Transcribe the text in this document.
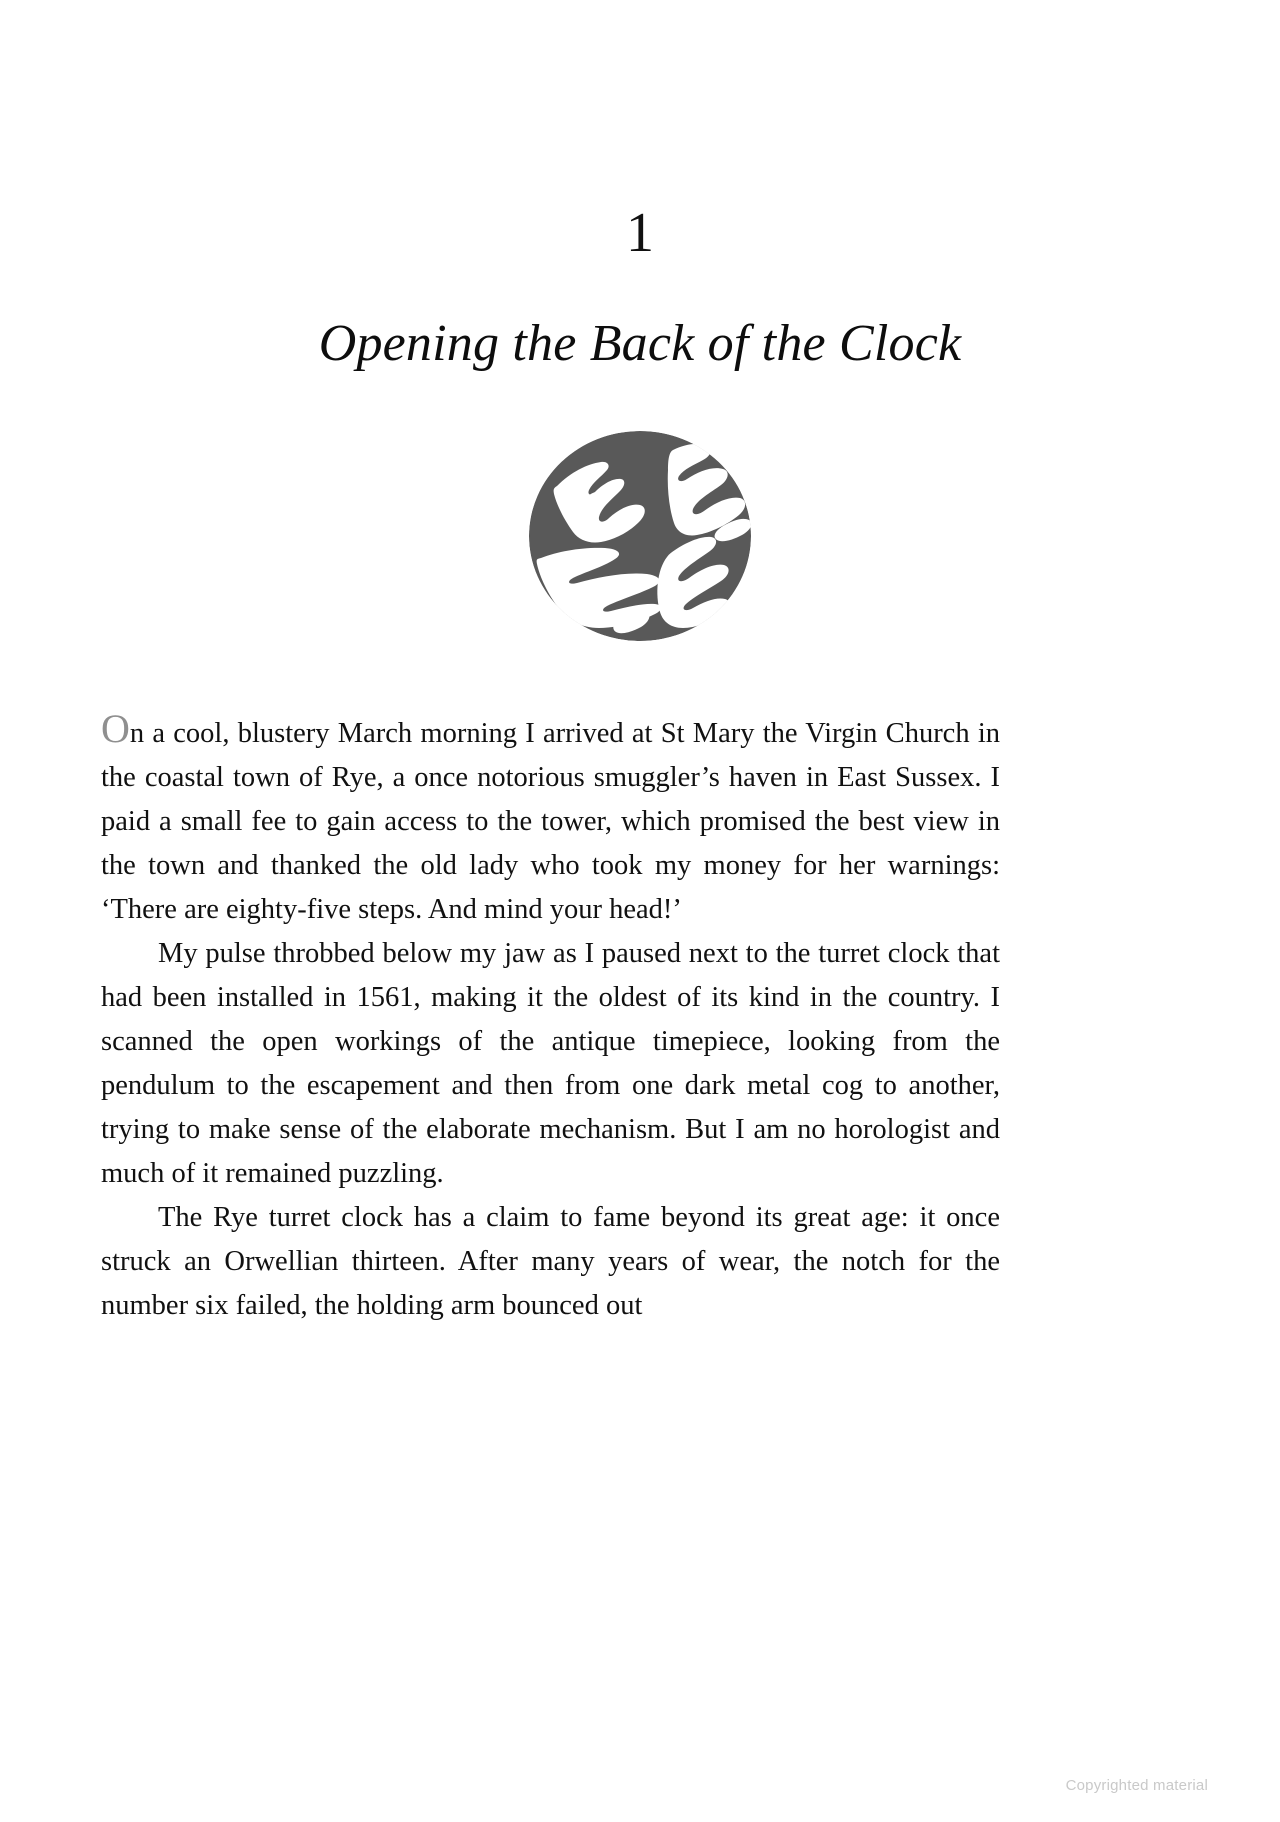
1
Opening the Back of the Clock

On a cool, blustery March morning I arrived at St Mary the Virgin Church in the coastal town of Rye, a once notorious smuggler’s haven in East Sussex. I paid a small fee to gain access to the tower, which promised the best view in the town and thanked the old lady who took my money for her warnings: ‘There are eighty-five steps. And mind your head!’

My pulse throbbed below my jaw as I paused next to the turret clock that had been installed in 1561, making it the oldest of its kind in the country. I scanned the open workings of the antique timepiece, looking from the pendulum to the escapement and then from one dark metal cog to another, trying to make sense of the elaborate mechanism. But I am no horologist and much of it remained puzzling.

The Rye turret clock has a claim to fame beyond its great age: it once struck an Orwellian thirteen. After many years of wear, the notch for the number six failed, the holding arm bounced out

Copyrighted material
